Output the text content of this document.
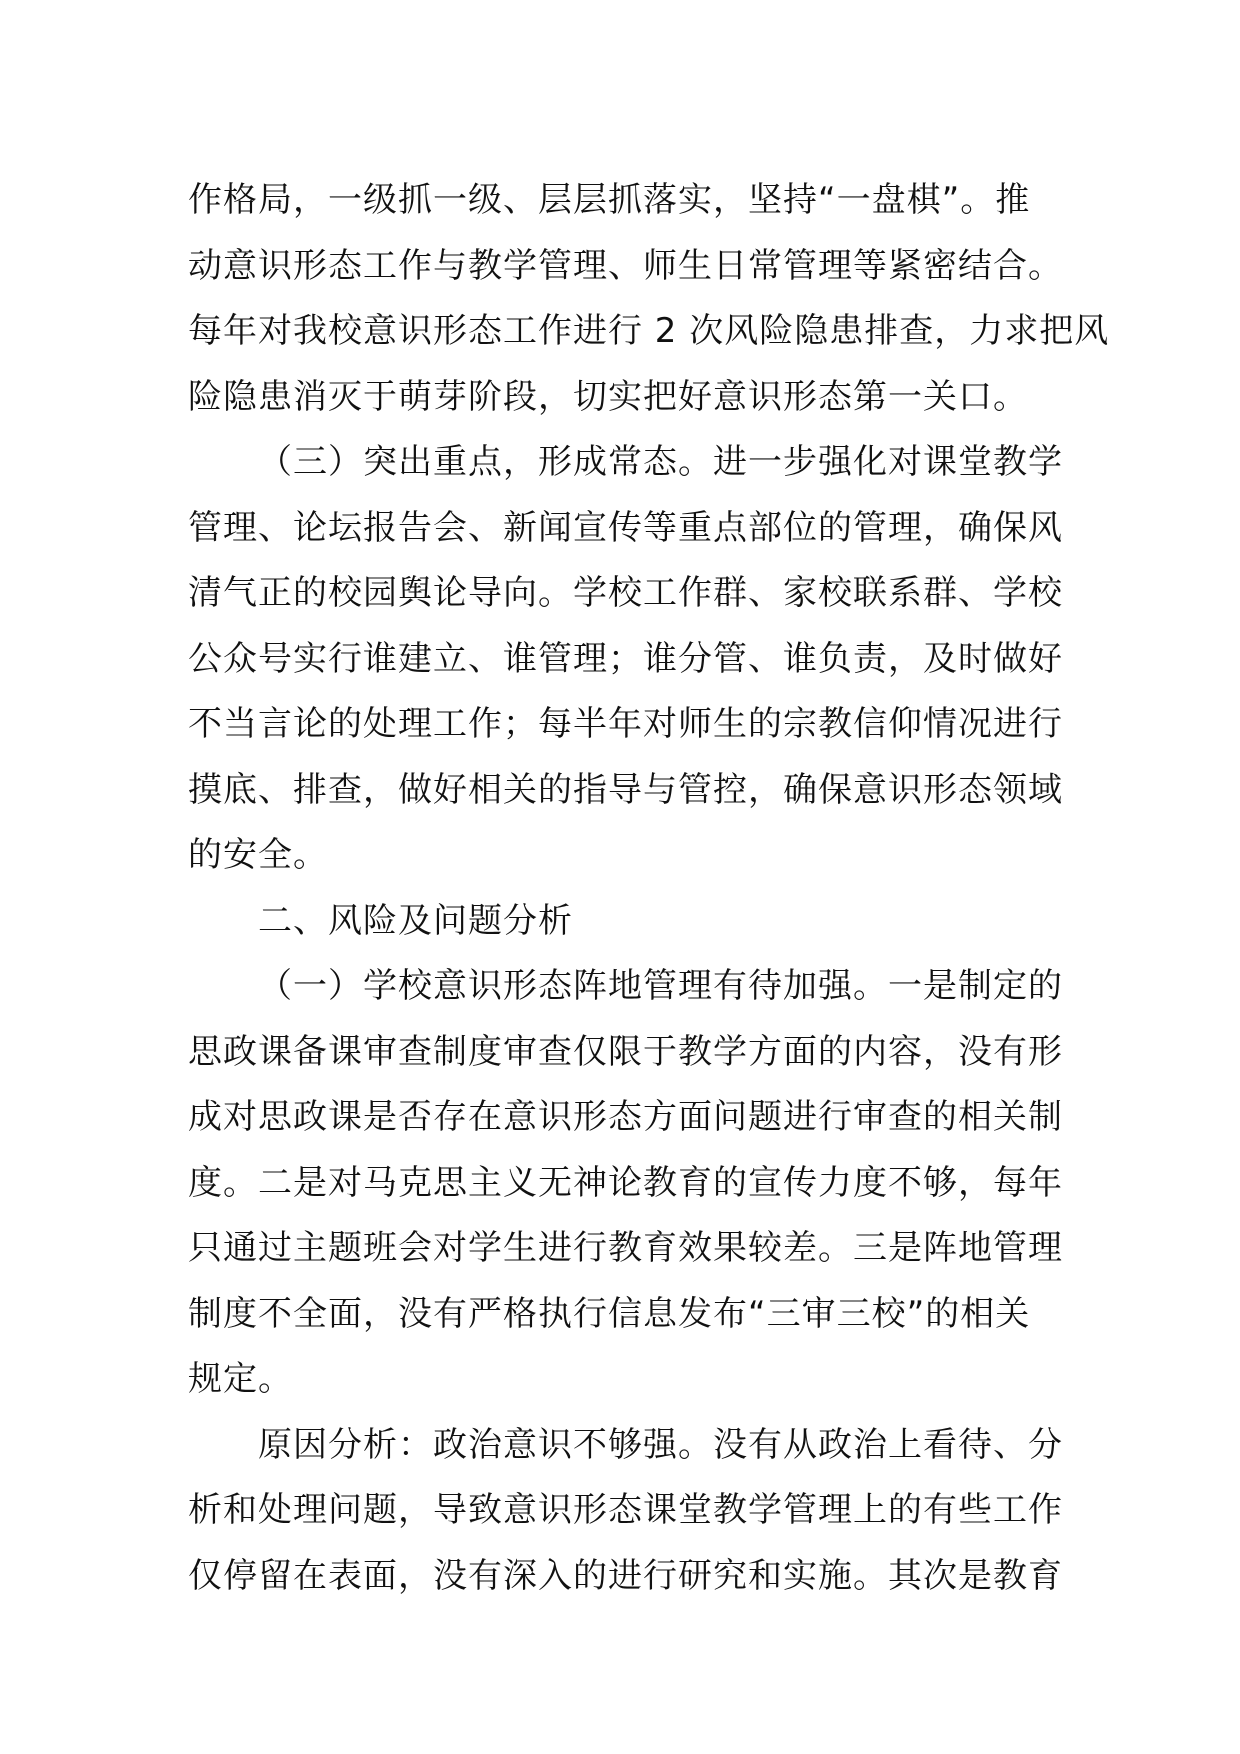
作格局，一级抓一级、层层抓落实，坚持“一盘棋”。推
动意识形态工作与教学管理、师生日常管理等紧密结合。
每年对我校意识形态工作进行 2 次风险隐患排查，力求把风
险隐患消灭于萌芽阶段，切实把好意识形态第一关口。
（三）突出重点，形成常态。进一步强化对课堂教学
管理、论坛报告会、新闻宣传等重点部位的管理，确保风
清气正的校园舆论导向。学校工作群、家校联系群、学校
公众号实行谁建立、谁管理；谁分管、谁负责，及时做好
不当言论的处理工作；每半年对师生的宗教信仰情况进行
摸底、排查，做好相关的指导与管控，确保意识形态领域
的安全。
二、风险及问题分析
（一）学校意识形态阵地管理有待加强。一是制定的
思政课备课审查制度审查仅限于教学方面的内容，没有形
成对思政课是否存在意识形态方面问题进行审查的相关制
度。二是对马克思主义无神论教育的宣传力度不够，每年
只通过主题班会对学生进行教育效果较差。三是阵地管理
制度不全面，没有严格执行信息发布“三审三校”的相关
规定。
原因分析：政治意识不够强。没有从政治上看待、分
析和处理问题，导致意识形态课堂教学管理上的有些工作
仅停留在表面，没有深入的进行研究和实施。其次是教育
